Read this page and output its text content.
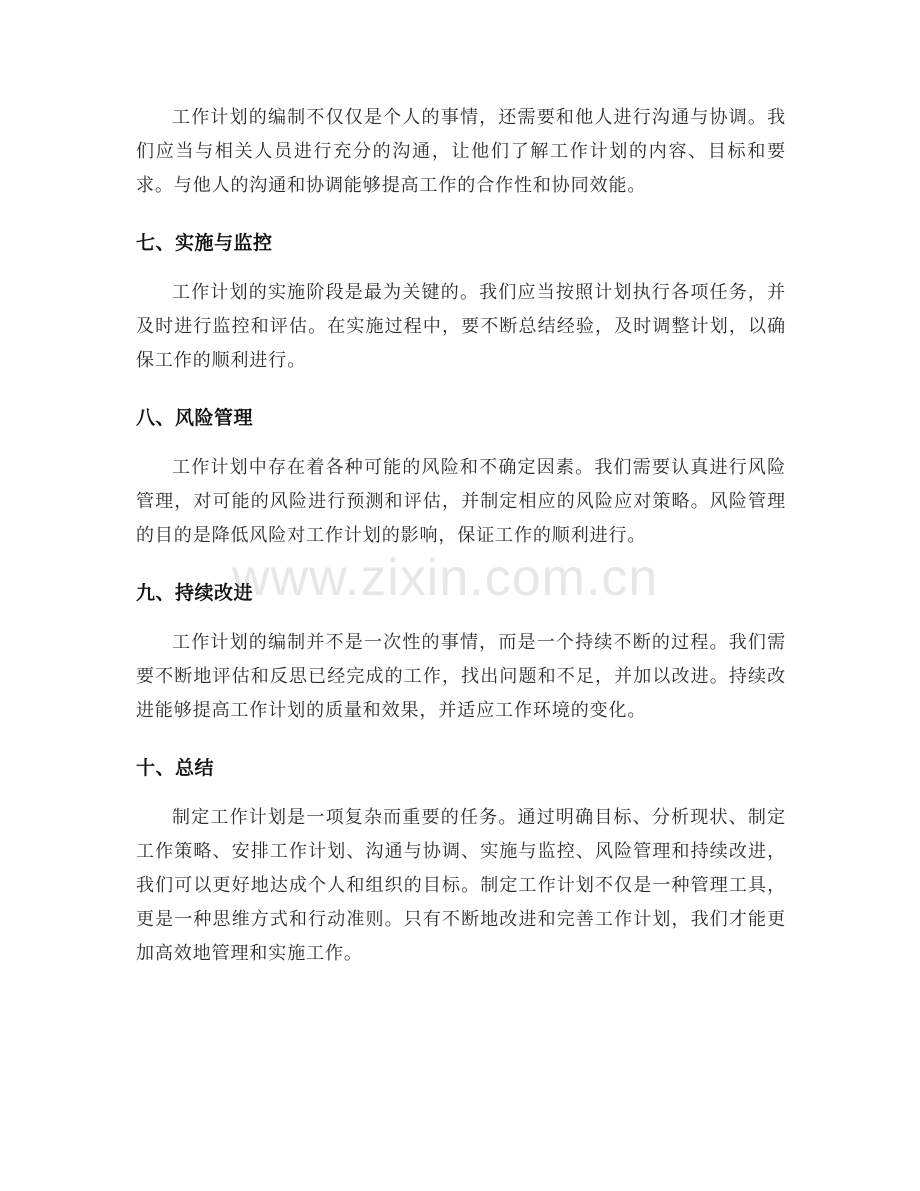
工作计划的编制不仅仅是个人的事情，还需要和他人进行沟通与协调。我们应当与相关人员进行充分的沟通，让他们了解工作计划的内容、目标和要求。与他人的沟通和协调能够提高工作的合作性和协同效能。

七、实施与监控

工作计划的实施阶段是最为关键的。我们应当按照计划执行各项任务，并及时进行监控和评估。在实施过程中，要不断总结经验，及时调整计划，以确保工作的顺利进行。

八、风险管理

工作计划中存在着各种可能的风险和不确定因素。我们需要认真进行风险管理，对可能的风险进行预测和评估，并制定相应的风险应对策略。风险管理的目的是降低风险对工作计划的影响，保证工作的顺利进行。

九、持续改进

工作计划的编制并不是一次性的事情，而是一个持续不断的过程。我们需要不断地评估和反思已经完成的工作，找出问题和不足，并加以改进。持续改进能够提高工作计划的质量和效果，并适应工作环境的变化。

十、总结

制定工作计划是一项复杂而重要的任务。通过明确目标、分析现状、制定工作策略、安排工作计划、沟通与协调、实施与监控、风险管理和持续改进，我们可以更好地达成个人和组织的目标。制定工作计划不仅是一种管理工具，更是一种思维方式和行动准则。只有不断地改进和完善工作计划，我们才能更加高效地管理和实施工作。

www.zixin.com.cn
